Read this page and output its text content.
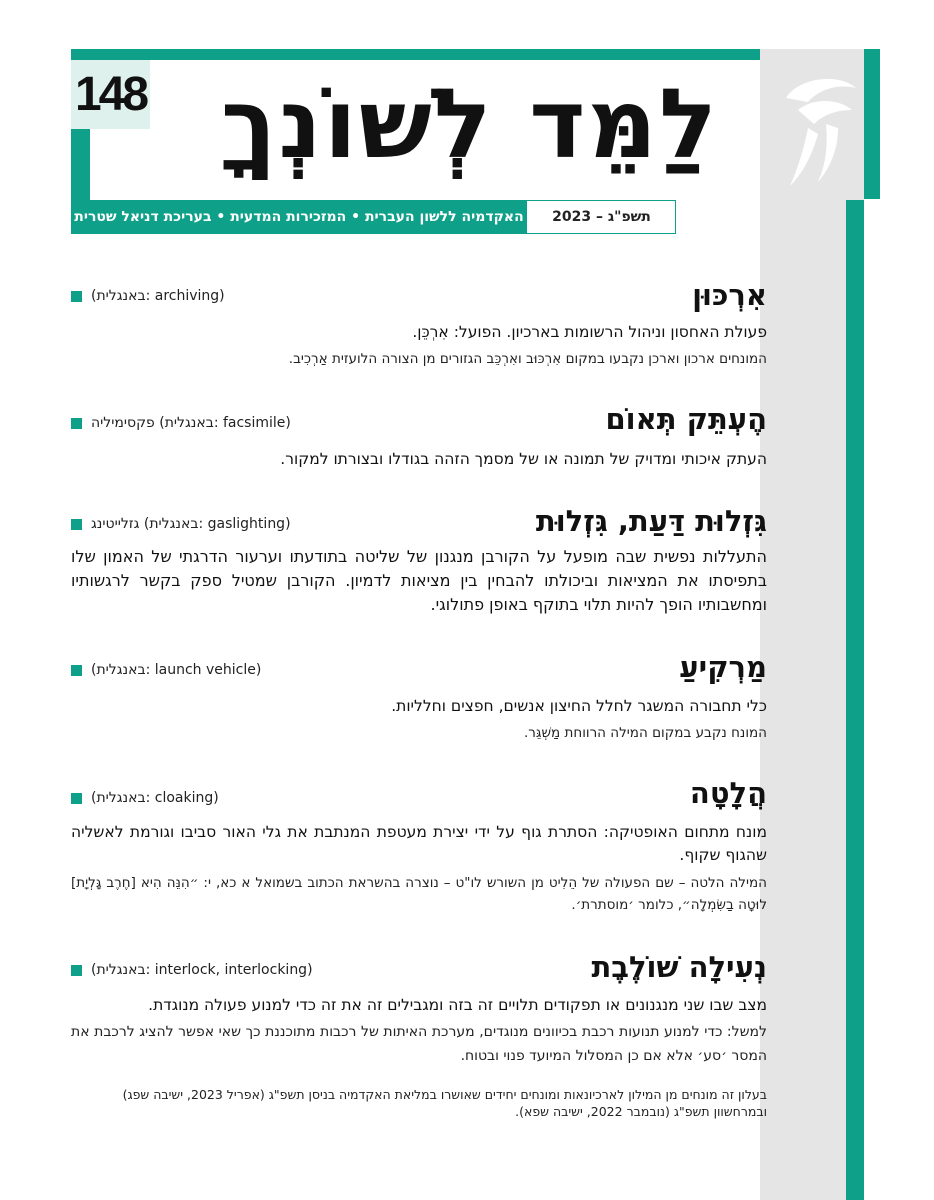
148 לַמֵּד לְשׁוֹנְךָ
האקדמיה ללשון העברית • המזכירות המדעית • בעריכת דניאל שטרית	תשפ"ג – 2023
אִרְכּוּן
(באנגלית: archiving)
פעולת האחסון וניהול הרשומות בארכיון. הפועל: אִרְכֵּן.
המונחים ארכון וארכן נקבעו במקום אִרְכּוּב ואִרְכֵּב הגזורים מן הצורה הלועזית אַרְכִיב.
הֶעְתֵּק תְּאוֹם
פקסימיליה (באנגלית: facsimile)
העתק איכותי ומדויק של תמונה או של מסמך הזהה בגודלו ובצורתו למקור.
גִּזְלוּת דַּעַת, גִּזְלוּת
גזלייטינג (באנגלית: gaslighting)
התעללות נפשית שבה מופעל על הקורבן מנגנון של שליטה בתודעתו וערעור הדרגתי של האמון שלו בתפיסתו את המציאות וביכולתו להבחין בין מציאות לדמיון. הקורבן שמטיל ספק בקשר לרגשותיו ומחשבותיו הופך להיות תלוי בתוקף באופן פתולוגי.
מַרְקִיעַ
(באנגלית: launch vehicle)
כלי תחבורה המשגר לחלל החיצון אנשים, חפצים וחלליות.
המונח נקבע במקום המילה הרווחת מַשְׁגֵּר.
הֲלָטָה
(באנגלית: cloaking)
מונח מתחום האופטיקה: הסתרת גוף על ידי יצירת מעטפת המנתבת את גלי האור סביבו וגורמת לאשליה שהגוף שקוף.
המילה הלטה – שם הפעולה של הֵלִיט מן השורש לו"ט – נוצרה בהשראת הכתוב בשמואל א כא, י: ״הִנֵּה הִיא [חֶרֶב גָּלְיָת] לוּטָה בַשִּׂמְלָה״, כלומר ׳מוסתרת׳.
נְעִילָה שׁוֹלֶבֶת
(באנגלית: interlock, interlocking)
מצב שבו שני מנגנונים או תפקודים תלויים זה בזה ומגבילים זה את זה כדי למנוע פעולה מנוגדת.
למשל: כדי למנוע תנועות רכבת בכיוונים מנוגדים, מערכת האיתות של רכבות מתוכננת כך שאי אפשר להציג לרכבת את המסר ׳סע׳ אלא אם כן המסלול המיועד פנוי ובטוח.
בעלון זה מונחים מן המילון לארכיונאות ומונחים יחידים שאושרו במליאת האקדמיה בניסן תשפ"ג (אפריל 2023, ישיבה שפג) ובמרחשוון תשפ"ג (נובמבר 2022, ישיבה שפא).
